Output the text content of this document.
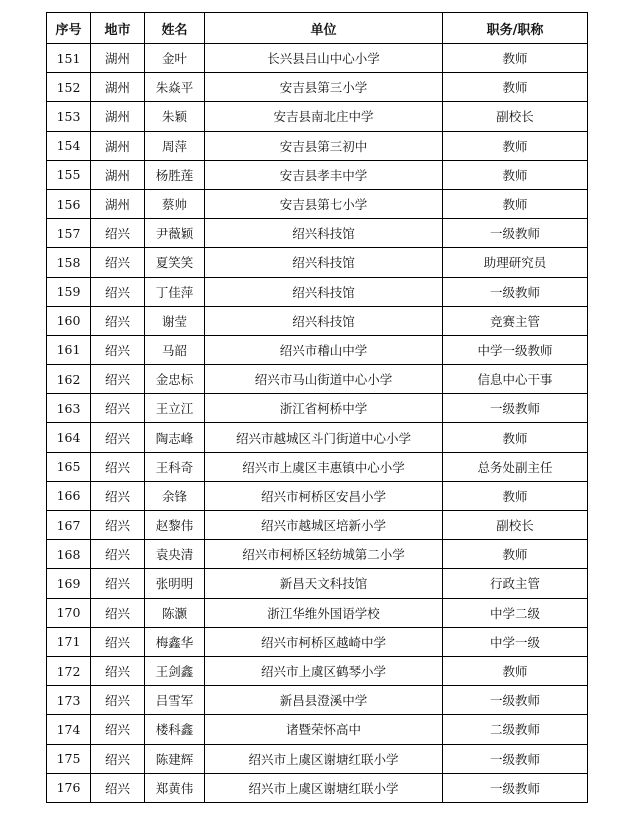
序号	地市	姓名	单位	职务/职称
151	湖州	金叶	长兴县吕山中心小学	教师
152	湖州	朱焱平	安吉县第三小学	教师
153	湖州	朱颖	安吉县南北庄中学	副校长
154	湖州	周萍	安吉县第三初中	教师
155	湖州	杨胜莲	安吉县孝丰中学	教师
156	湖州	蔡帅	安吉县第七小学	教师
157	绍兴	尹薇颖	绍兴科技馆	一级教师
158	绍兴	夏笑笑	绍兴科技馆	助理研究员
159	绍兴	丁佳萍	绍兴科技馆	一级教师
160	绍兴	谢莹	绍兴科技馆	竞赛主管
161	绍兴	马韶	绍兴市稽山中学	中学一级教师
162	绍兴	金忠标	绍兴市马山街道中心小学	信息中心干事
163	绍兴	王立江	浙江省柯桥中学	一级教师
164	绍兴	陶志峰	绍兴市越城区斗门街道中心小学	教师
165	绍兴	王科奇	绍兴市上虞区丰惠镇中心小学	总务处副主任
166	绍兴	余锋	绍兴市柯桥区安昌小学	教师
167	绍兴	赵黎伟	绍兴市越城区培新小学	副校长
168	绍兴	袁央清	绍兴市柯桥区轻纺城第二小学	教师
169	绍兴	张明明	新昌天文科技馆	行政主管
170	绍兴	陈灏	浙江华维外国语学校	中学二级
171	绍兴	梅鑫华	绍兴市柯桥区越崎中学	中学一级
172	绍兴	王剑鑫	绍兴市上虞区鹤琴小学	教师
173	绍兴	吕雪军	新昌县澄溪中学	一级教师
174	绍兴	楼科鑫	诸暨荣怀高中	二级教师
175	绍兴	陈建辉	绍兴市上虞区谢塘红联小学	一级教师
176	绍兴	郑黄伟	绍兴市上虞区谢塘红联小学	一级教师
